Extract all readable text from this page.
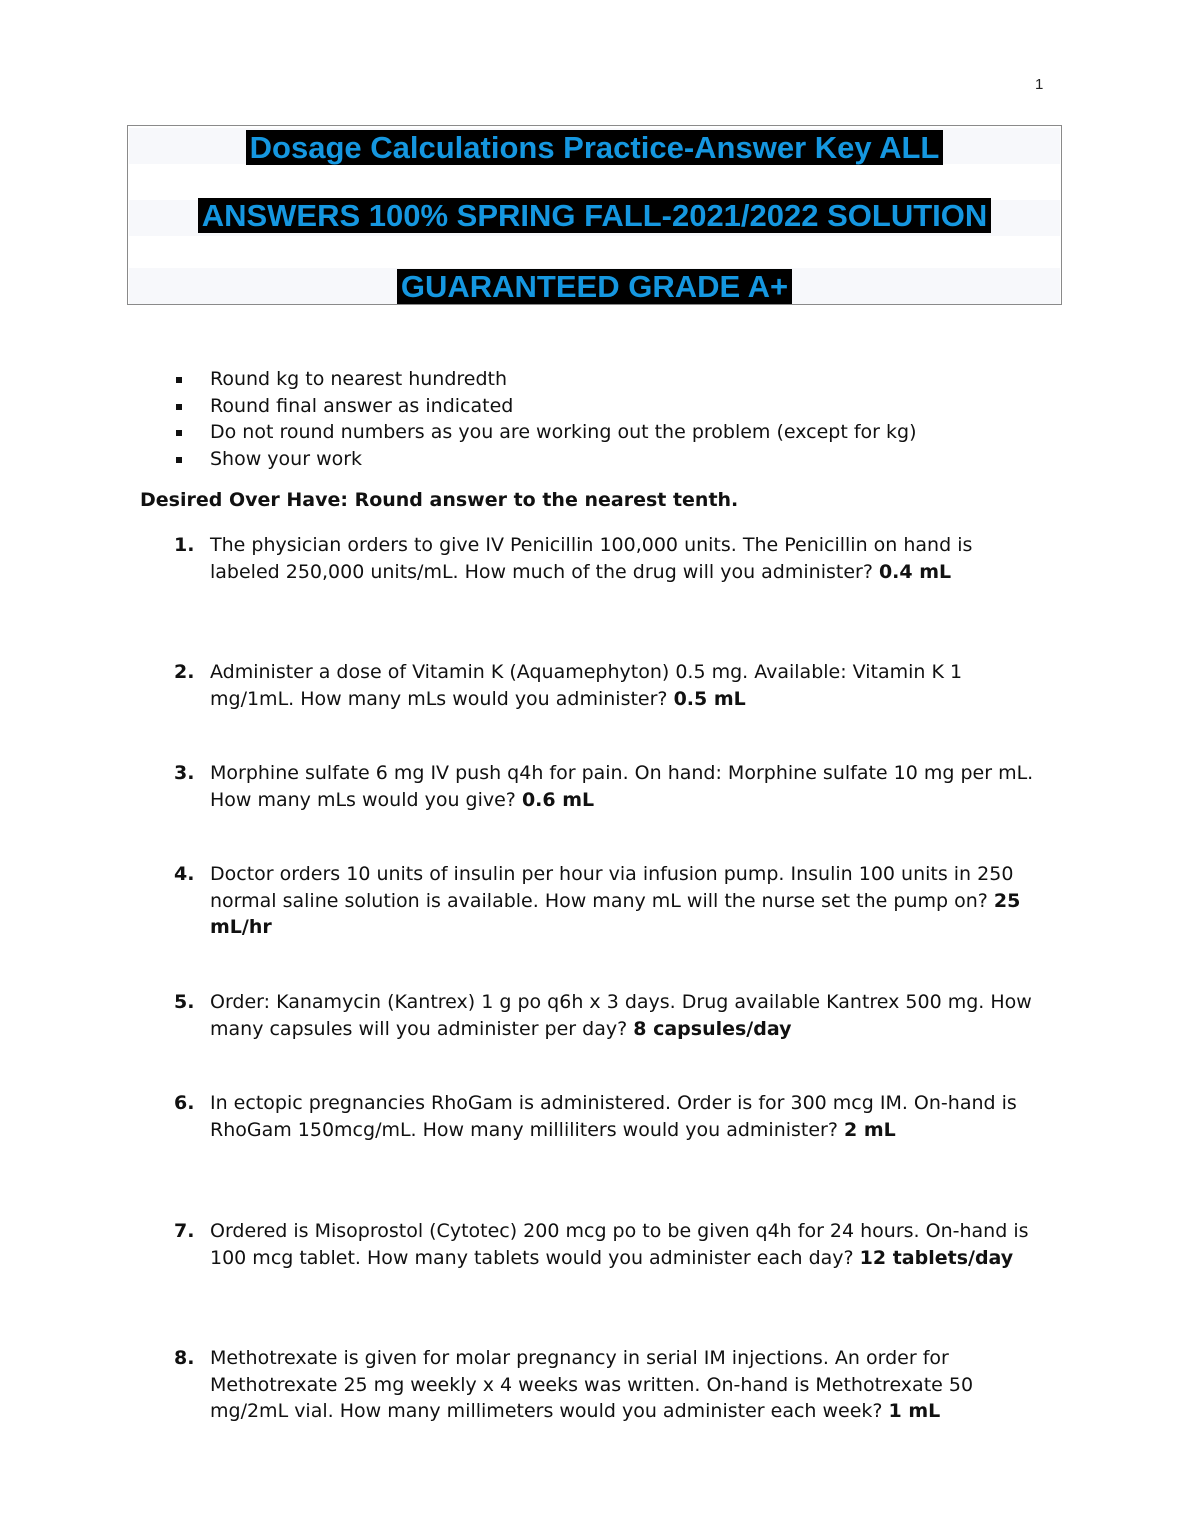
1
Dosage Calculations Practice-Answer Key ALL
ANSWERS 100% SPRING FALL-2021/2022 SOLUTION
GUARANTEED GRADE A+
Round kg to nearest hundredth
Round final answer as indicated
Do not round numbers as you are working out the problem (except for kg)
Show your work
Desired Over Have: Round answer to the nearest tenth.
1. The physician orders to give IV Penicillin 100,000 units. The Penicillin on hand is labeled 250,000 units/mL. How much of the drug will you administer? 0.4 mL
2. Administer a dose of Vitamin K (Aquamephyton) 0.5 mg. Available: Vitamin K 1 mg/1mL. How many mLs would you administer? 0.5 mL
3. Morphine sulfate 6 mg IV push q4h for pain. On hand: Morphine sulfate 10 mg per mL. How many mLs would you give? 0.6 mL
4. Doctor orders 10 units of insulin per hour via infusion pump. Insulin 100 units in 250 normal saline solution is available. How many mL will the nurse set the pump on? 25 mL/hr
5. Order: Kanamycin (Kantrex) 1 g po q6h x 3 days. Drug available Kantrex 500 mg. How many capsules will you administer per day? 8 capsules/day
6. In ectopic pregnancies RhoGam is administered. Order is for 300 mcg IM. On-hand is RhoGam 150mcg/mL. How many milliliters would you administer? 2 mL
7. Ordered is Misoprostol (Cytotec) 200 mcg po to be given q4h for 24 hours. On-hand is 100 mcg tablet. How many tablets would you administer each day? 12 tablets/day
8. Methotrexate is given for molar pregnancy in serial IM injections. An order for Methotrexate 25 mg weekly x 4 weeks was written. On-hand is Methotrexate 50 mg/2mL vial. How many millimeters would you administer each week? 1 mL
